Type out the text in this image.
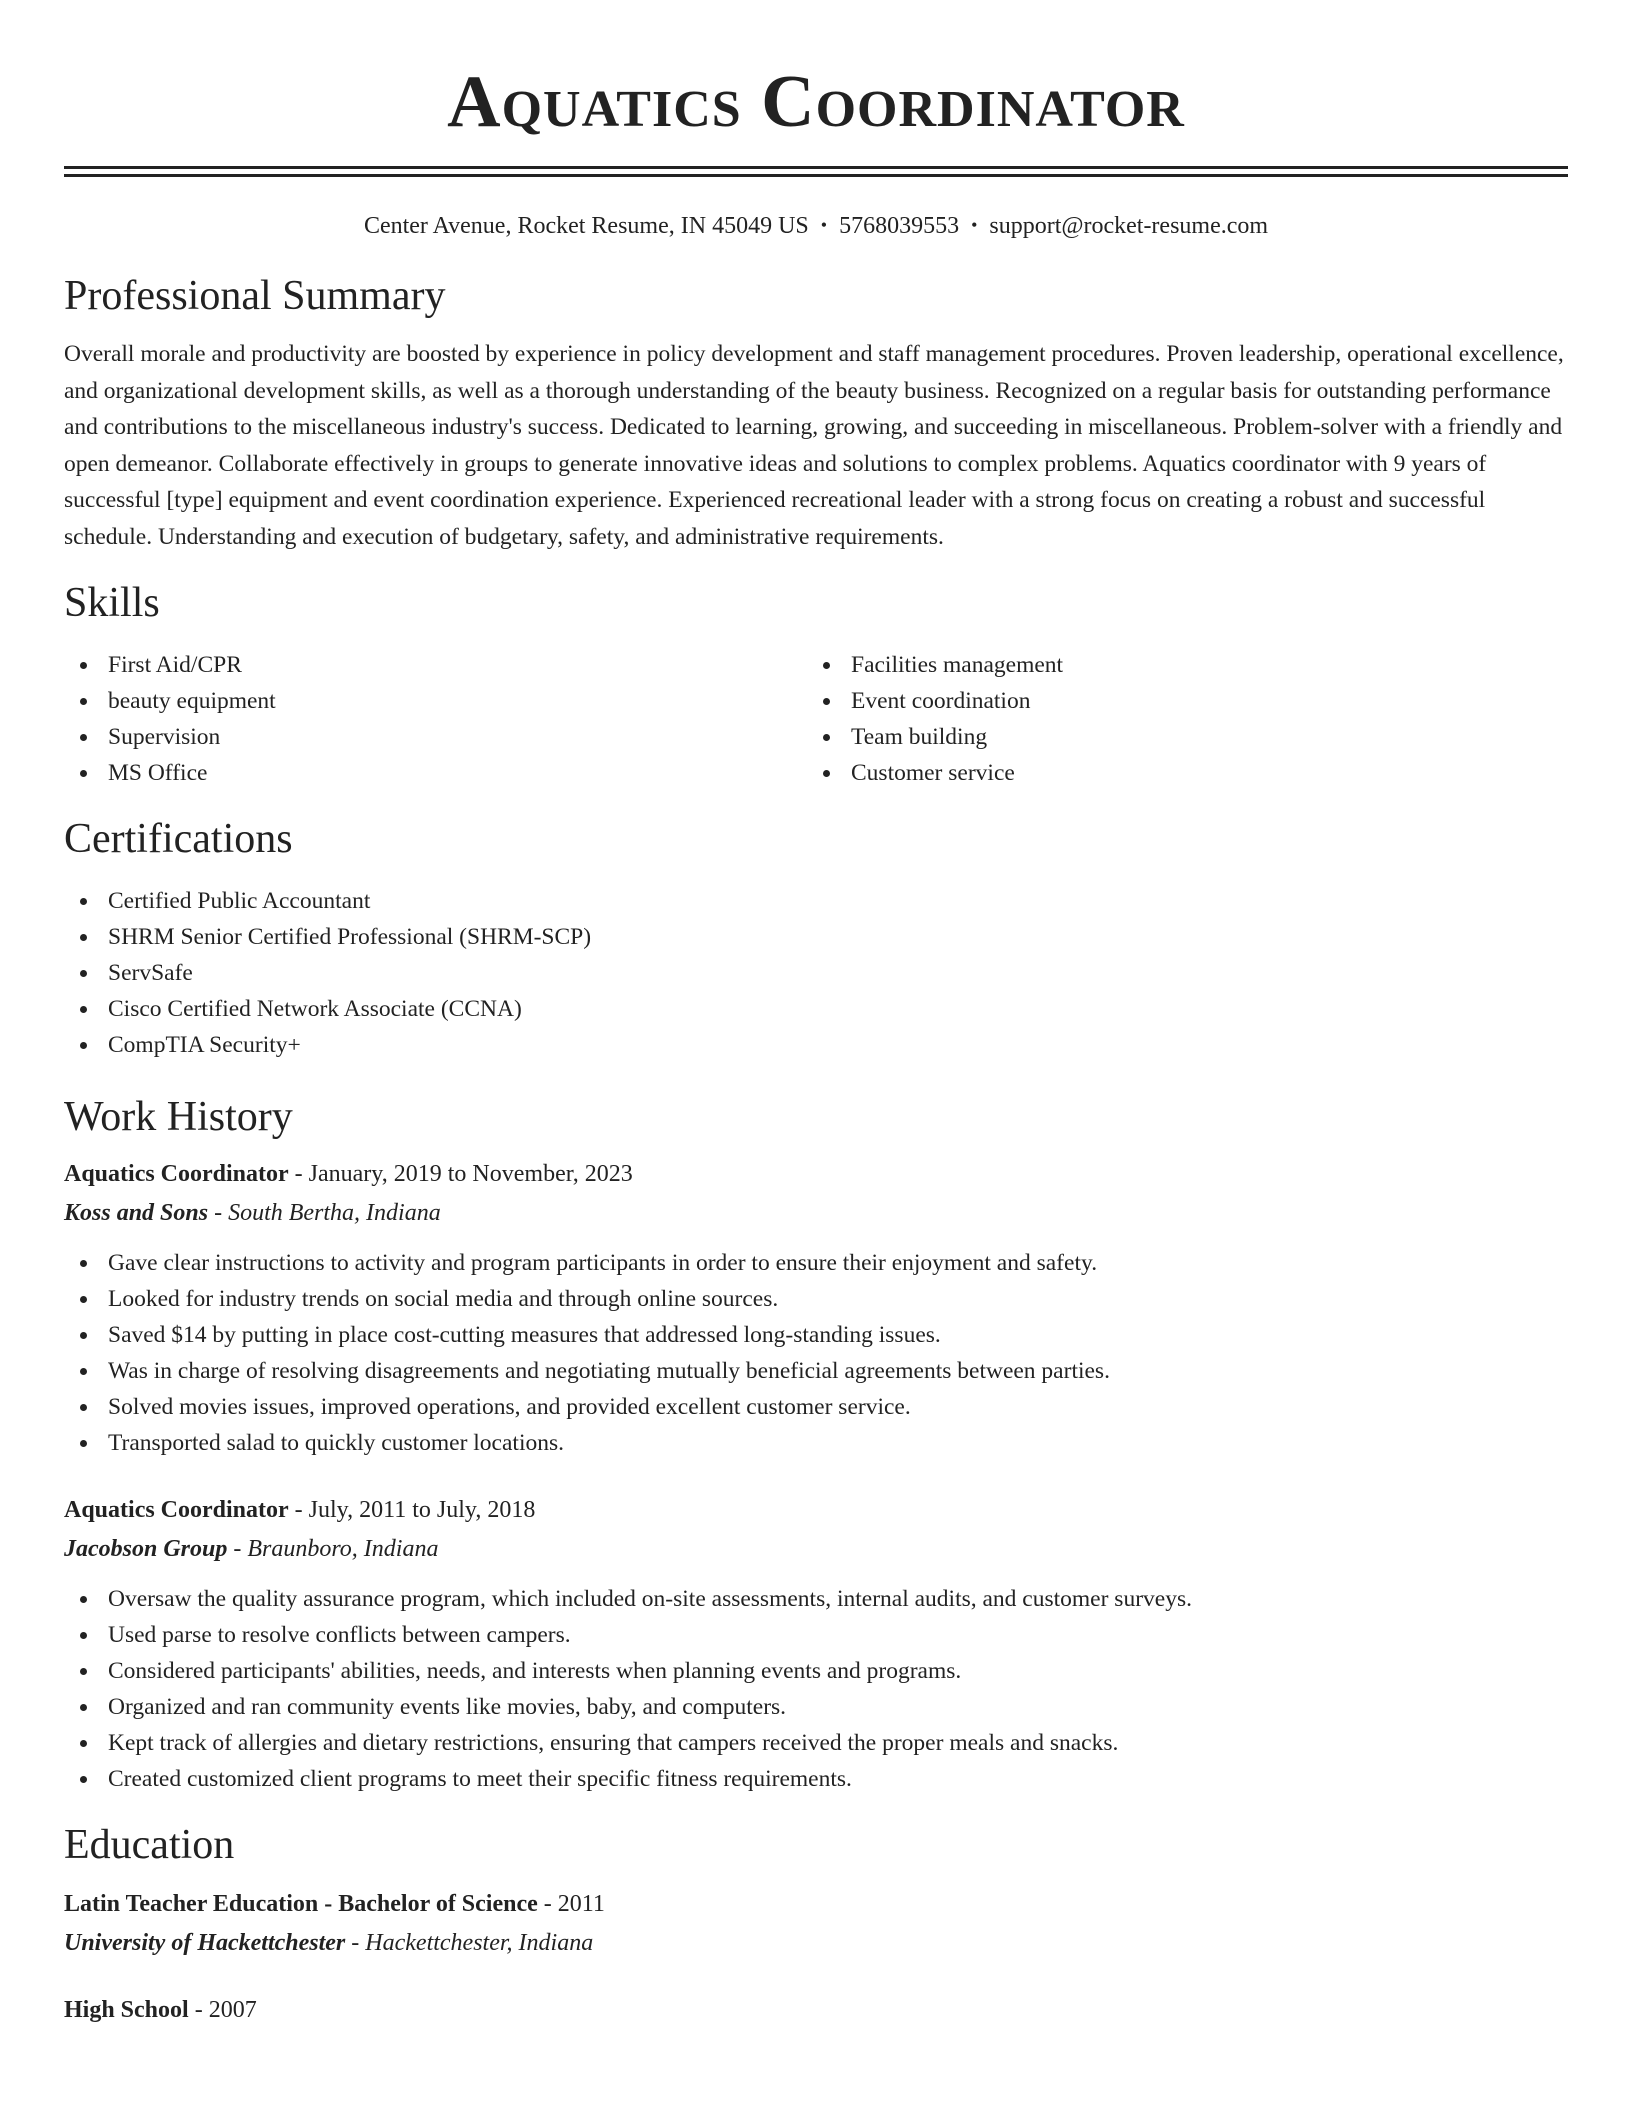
Aquatics Coordinator
Center Avenue, Rocket Resume, IN 45049 US • 5768039553 • support@rocket-resume.com
Professional Summary

Overall morale and productivity are boosted by experience in policy development and staff management procedures. Proven leadership, operational excellence, and organizational development skills, as well as a thorough understanding of the beauty business. Recognized on a regular basis for outstanding performance and contributions to the miscellaneous industry's success. Dedicated to learning, growing, and succeeding in miscellaneous. Problem-solver with a friendly and open demeanor. Collaborate effectively in groups to generate innovative ideas and solutions to complex problems. Aquatics coordinator with 9 years of successful [type] equipment and event coordination experience. Experienced recreational leader with a strong focus on creating a robust and successful schedule. Understanding and execution of budgetary, safety, and administrative requirements.

Skills
First Aid/CPR
beauty equipment
Supervision
MS Office
Facilities management
Event coordination
Team building
Customer service
Certifications
Certified Public Accountant
SHRM Senior Certified Professional (SHRM-SCP)
ServSafe
Cisco Certified Network Associate (CCNA)
CompTIA Security+
Work History
Aquatics Coordinator - January, 2019 to November, 2023
Koss and Sons - South Bertha, Indiana
Gave clear instructions to activity and program participants in order to ensure their enjoyment and safety.
Looked for industry trends on social media and through online sources.
Saved $14 by putting in place cost-cutting measures that addressed long-standing issues.
Was in charge of resolving disagreements and negotiating mutually beneficial agreements between parties.
Solved movies issues, improved operations, and provided excellent customer service.
Transported salad to quickly customer locations.
Aquatics Coordinator - July, 2011 to July, 2018
Jacobson Group - Braunboro, Indiana
Oversaw the quality assurance program, which included on-site assessments, internal audits, and customer surveys.
Used parse to resolve conflicts between campers.
Considered participants' abilities, needs, and interests when planning events and programs.
Organized and ran community events like movies, baby, and computers.
Kept track of allergies and dietary restrictions, ensuring that campers received the proper meals and snacks.
Created customized client programs to meet their specific fitness requirements.
Education
Latin Teacher Education - Bachelor of Science - 2011
University of Hackettchester - Hackettchester, Indiana
High School - 2007
